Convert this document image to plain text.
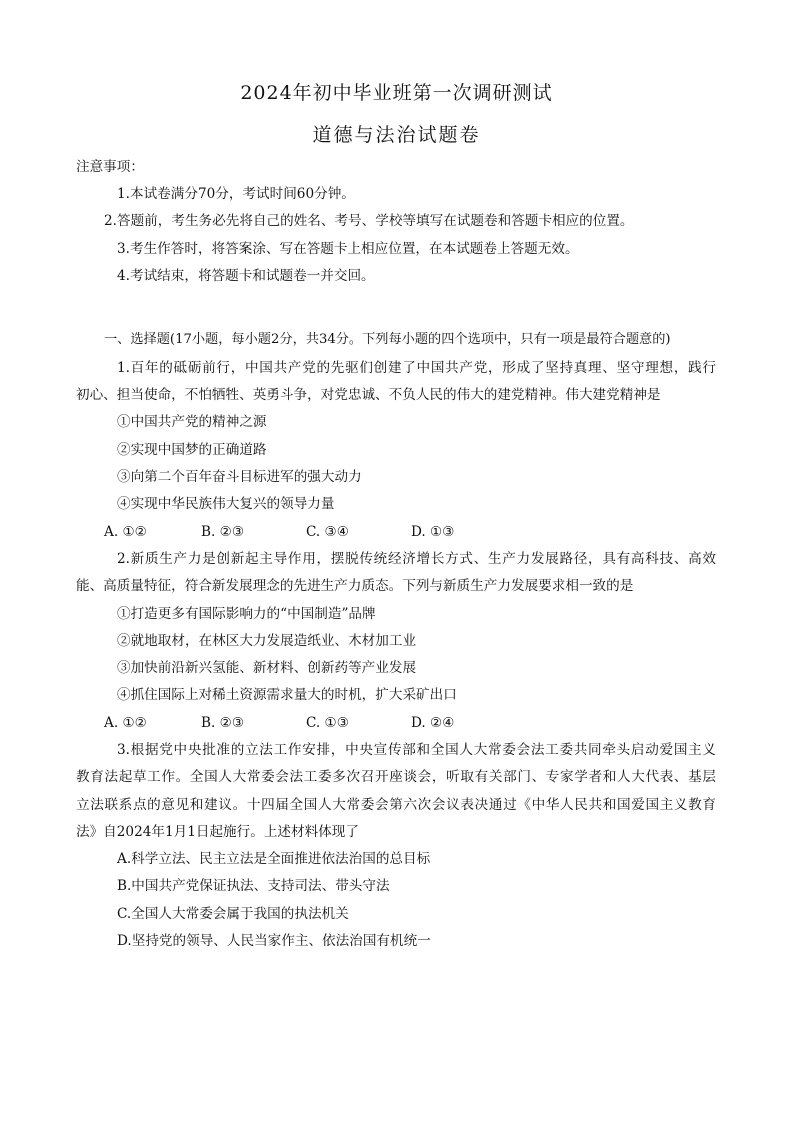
2024年初中毕业班第一次调研测试
道德与法治试题卷
注意事项：
1.本试卷满分70分，考试时间60分钟。
2.答题前，考生务必先将自己的姓名、考号、学校等填写在试题卷和答题卡相应的位置。
3.考生作答时，将答案涂、写在答题卡上相应位置，在本试题卷上答题无效。
4.考试结束，将答题卡和试题卷一并交回。
一、选择题(17小题，每小题2分，共34分。下列每小题的四个选项中，只有一项是最符合题意的)
1.百年的砥砺前行，中国共产党的先驱们创建了中国共产党，形成了坚持真理、坚守理想，践行
初心、担当使命，不怕牺牲、英勇斗争，对党忠诚、不负人民的伟大的建党精神。伟大建党精神是
①中国共产党的精神之源
②实现中国梦的正确道路
③向第二个百年奋斗目标进军的强大动力
④实现中华民族伟大复兴的领导力量
A. ①②	B. ②③	C. ③④	D. ①③
2.新质生产力是创新起主导作用，摆脱传统经济增长方式、生产力发展路径，具有高科技、高效
能、高质量特征，符合新发展理念的先进生产力质态。下列与新质生产力发展要求相一致的是
①打造更多有国际影响力的“中国制造”品牌
②就地取材，在林区大力发展造纸业、木材加工业
③加快前沿新兴氢能、新材料、创新药等产业发展
④抓住国际上对稀土资源需求量大的时机，扩大采矿出口
A. ①②	B. ②③	C. ①③	D. ②④
3.根据党中央批准的立法工作安排，中央宣传部和全国人大常委会法工委共同牵头启动爱国主义
教育法起草工作。全国人大常委会法工委多次召开座谈会，听取有关部门、专家学者和人大代表、基层
立法联系点的意见和建议。十四届全国人大常委会第六次会议表决通过《中华人民共和国爱国主义教育
法》自2024年1月1日起施行。上述材料体现了
A.科学立法、民主立法是全面推进依法治国的总目标
B.中国共产党保证执法、支持司法、带头守法
C.全国人大常委会属于我国的执法机关
D.坚持党的领导、人民当家作主、依法治国有机统一
